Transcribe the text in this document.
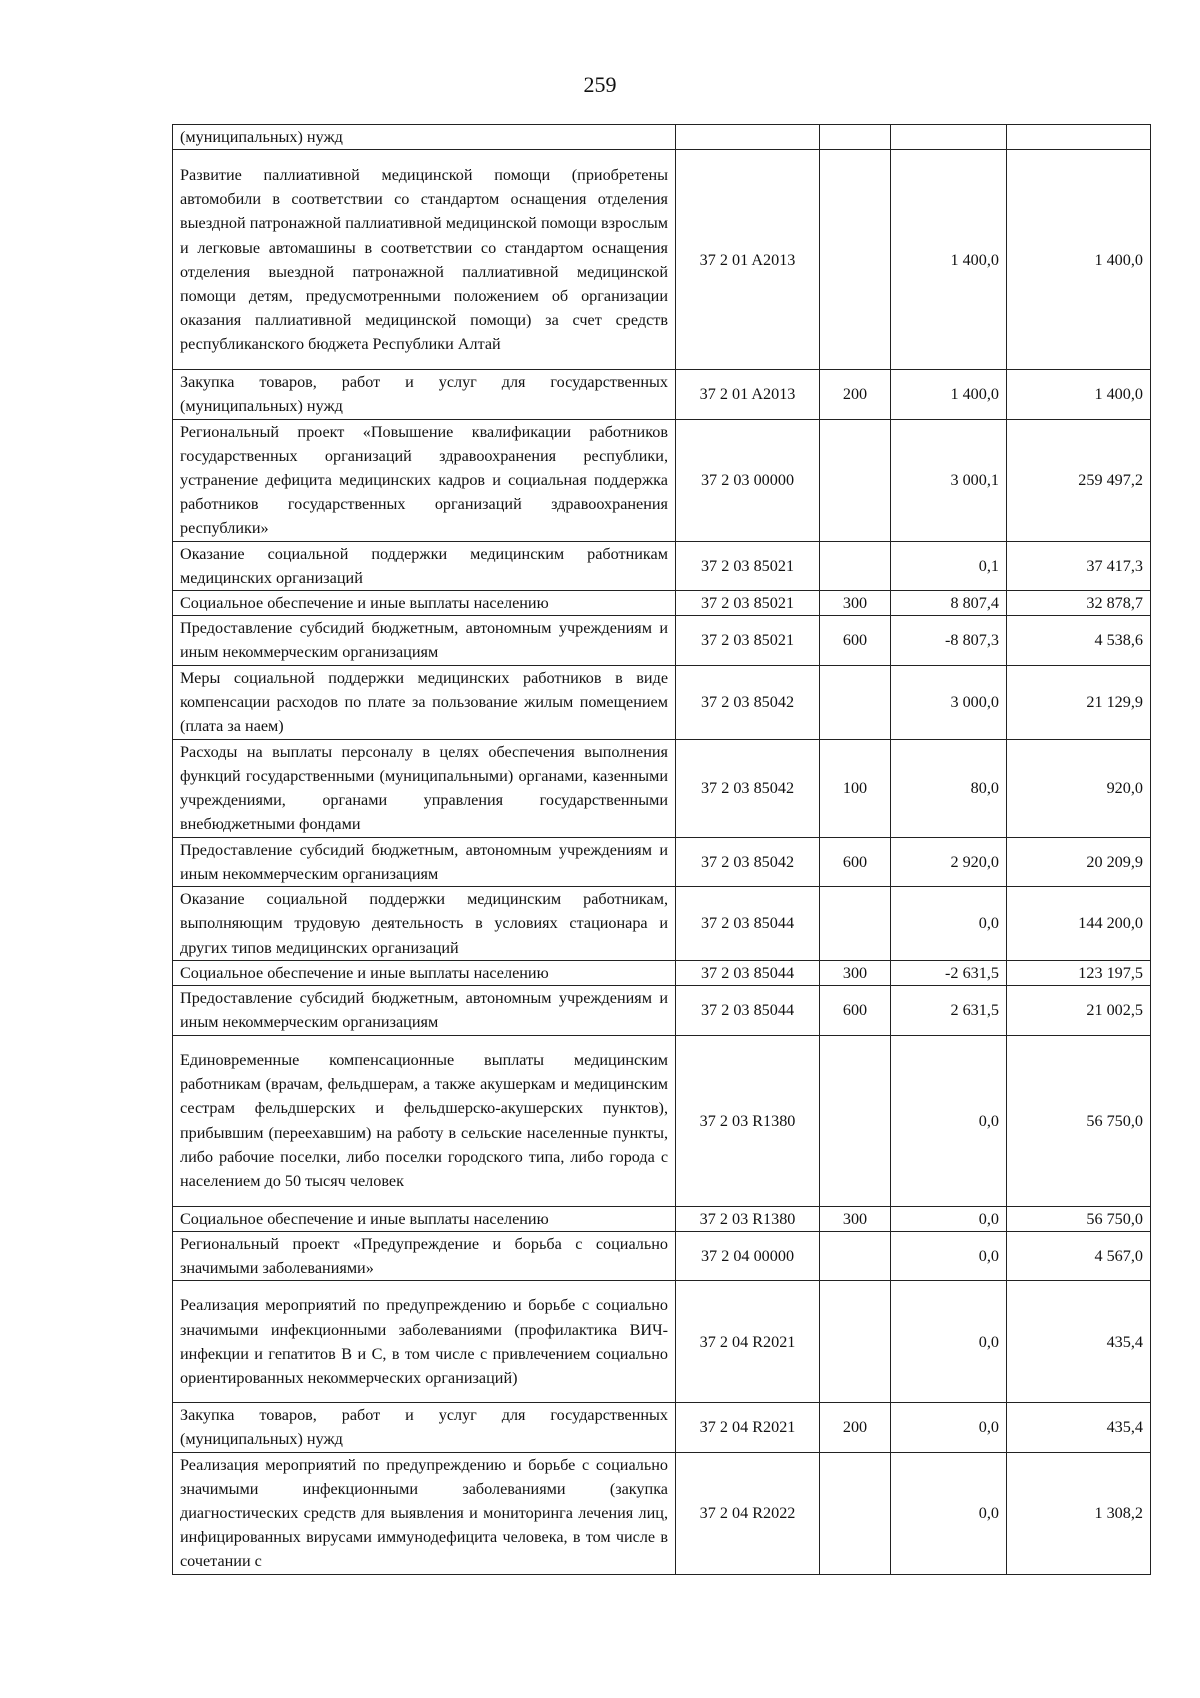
259
(муниципальных) нужд				
Развитие паллиативной медицинской помощи (приобретены автомобили в соответствии со стандартом оснащения отделения выездной патронажной паллиативной медицинской помощи взрослым и легковые автомашины в соответствии со стандартом оснащения отделения выездной патронажной паллиативной медицинской помощи детям, предусмотренными положением об организации оказания паллиативной медицинской помощи) за счет средств республиканского бюджета Республики Алтай	37 2 01 A2013		1 400,0	1 400,0
Закупка товаров, работ и услуг для государственных (муниципальных) нужд	37 2 01 A2013	200	1 400,0	1 400,0
Региональный проект «Повышение квалификации работников государственных организаций здравоохранения республики, устранение дефицита медицинских кадров и социальная поддержка работников государственных организаций здравоохранения республики»	37 2 03 00000		3 000,1	259 497,2
Оказание социальной поддержки медицинским работникам медицинских организаций	37 2 03 85021		0,1	37 417,3
Социальное обеспечение и иные выплаты населению	37 2 03 85021	300	8 807,4	32 878,7
Предоставление субсидий бюджетным, автономным учреждениям и иным некоммерческим организациям	37 2 03 85021	600	-8 807,3	4 538,6
Меры социальной поддержки медицинских работников в виде компенсации расходов по плате за пользование жилым помещением (плата за наем)	37 2 03 85042		3 000,0	21 129,9
Расходы на выплаты персоналу в целях обеспечения выполнения функций государственными (муниципальными) органами, казенными учреждениями, органами управления государственными внебюджетными фондами	37 2 03 85042	100	80,0	920,0
Предоставление субсидий бюджетным, автономным учреждениям и иным некоммерческим организациям	37 2 03 85042	600	2 920,0	20 209,9
Оказание социальной поддержки медицинским работникам, выполняющим трудовую деятельность в условиях стационара и других типов медицинских организаций	37 2 03 85044		0,0	144 200,0
Социальное обеспечение и иные выплаты населению	37 2 03 85044	300	-2 631,5	123 197,5
Предоставление субсидий бюджетным, автономным учреждениям и иным некоммерческим организациям	37 2 03 85044	600	2 631,5	21 002,5
Единовременные компенсационные выплаты медицинским работникам (врачам, фельдшерам, а также акушеркам и медицинским сестрам фельдшерских и фельдшерско-акушерских пунктов), прибывшим (переехавшим) на работу в сельские населенные пункты, либо рабочие поселки, либо поселки городского типа, либо города с населением до 50 тысяч человек	37 2 03 R1380		0,0	56 750,0
Социальное обеспечение и иные выплаты населению	37 2 03 R1380	300	0,0	56 750,0
Региональный проект «Предупреждение и борьба с социально значимыми заболеваниями»	37 2 04 00000		0,0	4 567,0
Реализация мероприятий по предупреждению и борьбе с социально значимыми инфекционными заболеваниями (профилактика ВИЧ-инфекции и гепатитов B и C, в том числе с привлечением социально ориентированных некоммерческих организаций)	37 2 04 R2021		0,0	435,4
Закупка товаров, работ и услуг для государственных (муниципальных) нужд	37 2 04 R2021	200	0,0	435,4
Реализация мероприятий по предупреждению и борьбе с социально значимыми инфекционными заболеваниями (закупка диагностических средств для выявления и мониторинга лечения лиц, инфицированных вирусами иммунодефицита человека, в том числе в сочетании с	37 2 04 R2022		0,0	1 308,2
